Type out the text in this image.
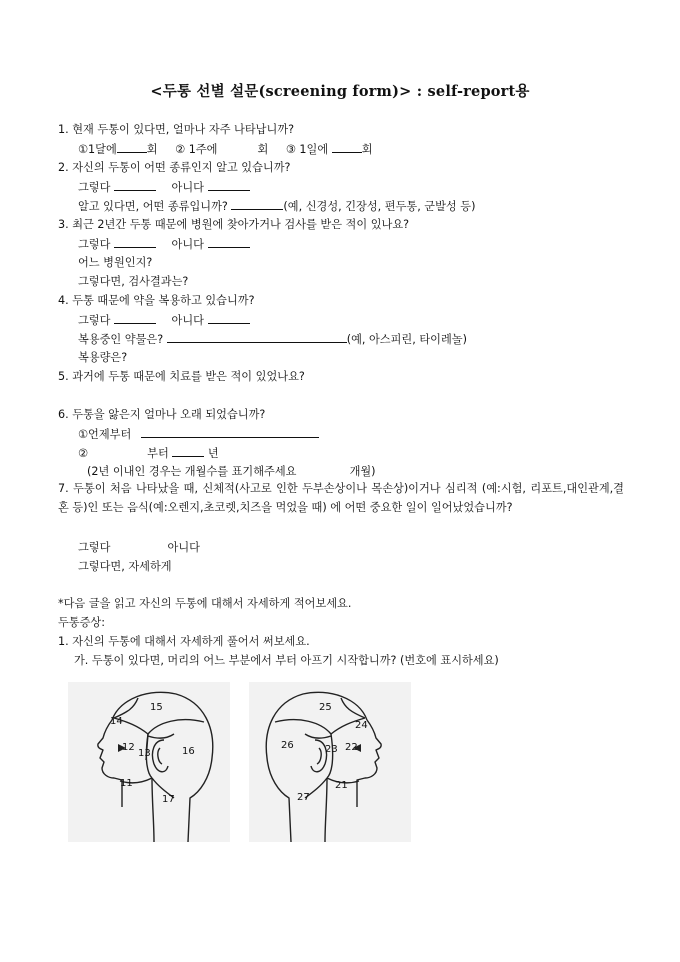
<두통 선별 설문(screening form)> : self-report용
1. 현재 두통이 있다면, 얼마나 자주 나타납니까?
①1달에	회 ② 1주에	회 ③ 1일에	회
2. 자신의 두통이 어떤 종류인지 알고 있습니까?
그렇다	아니다
알고 있다면, 어떤 종류입니까?	(예, 신경성, 긴장성, 편두통, 군발성 등)
3. 최근 2년간 두통 때문에 병원에 찾아가거나 검사를 받은 적이 있나요?
그렇다	아니다
어느 병원인지?
그렇다면, 검사결과는?
4. 두통 때문에 약을 복용하고 있습니까?
그렇다	아니다
복용중인 약물은?	(예, 아스피린, 타이레놀)
복용량은?
5. 과거에 두통 때문에 치료를 받은 적이 있었나요?
6. 두통을 앓은지 얼마나 오래 되었습니까?
①언제부터
②	부터	년
(2년 이내인 경우는 개월수를 표기해주세요	개월)
7. 두통이 처음 나타났을 때, 신체적(사고로 인한 두부손상이나 목손상)이거나 심리적 (예:시험, 리포트,대인관계,결혼 등)인 또는 음식(예:오렌지,초코렛,치즈을 먹었을 때) 에 어떤 중요한 일이 일어났었습니까?
그렇다	아니다
그렇다면, 자세하게
*다음 글을 읽고 자신의 두통에 대해서 자세하게 적어보세요.
두통증상:
1. 자신의 두통에 대해서 자세하게 풀어서 써보세요.
가. 두통이 있다면, 머리의 어느 부분에서 부터 아프기 시작합니까? (번호에 표시하세요)
11
12
13
14
15
16
17
21
22
23
24
25
26
27
